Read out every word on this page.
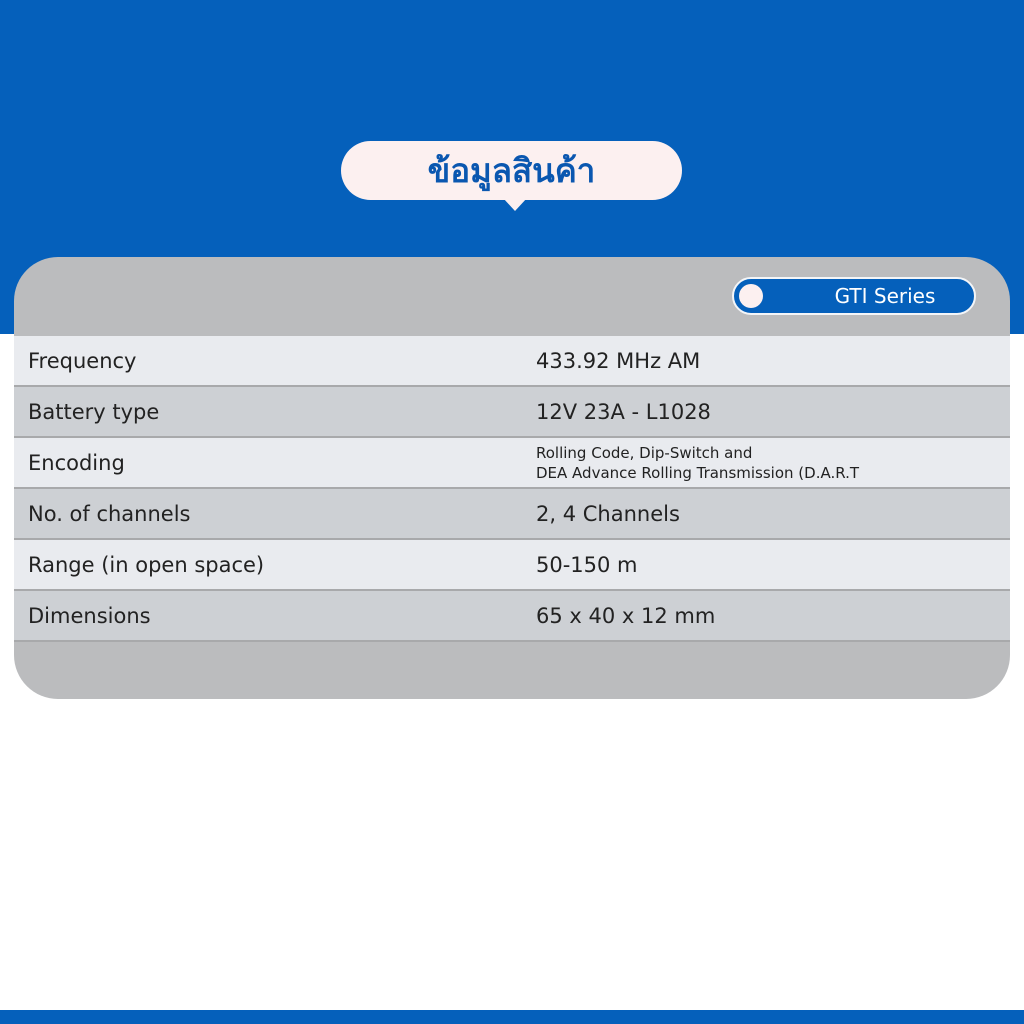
ข้อมูลสินค้า
GTI Series
Frequency	433.92 MHz AM
Battery type	12V 23A - L1028
Encoding	Rolling Code, Dip-Switch and
DEA Advance Rolling Transmission (D.A.R.T
No. of channels	2, 4 Channels
Range (in open space)	50-150 m
Dimensions	65 x 40 x 12 mm
